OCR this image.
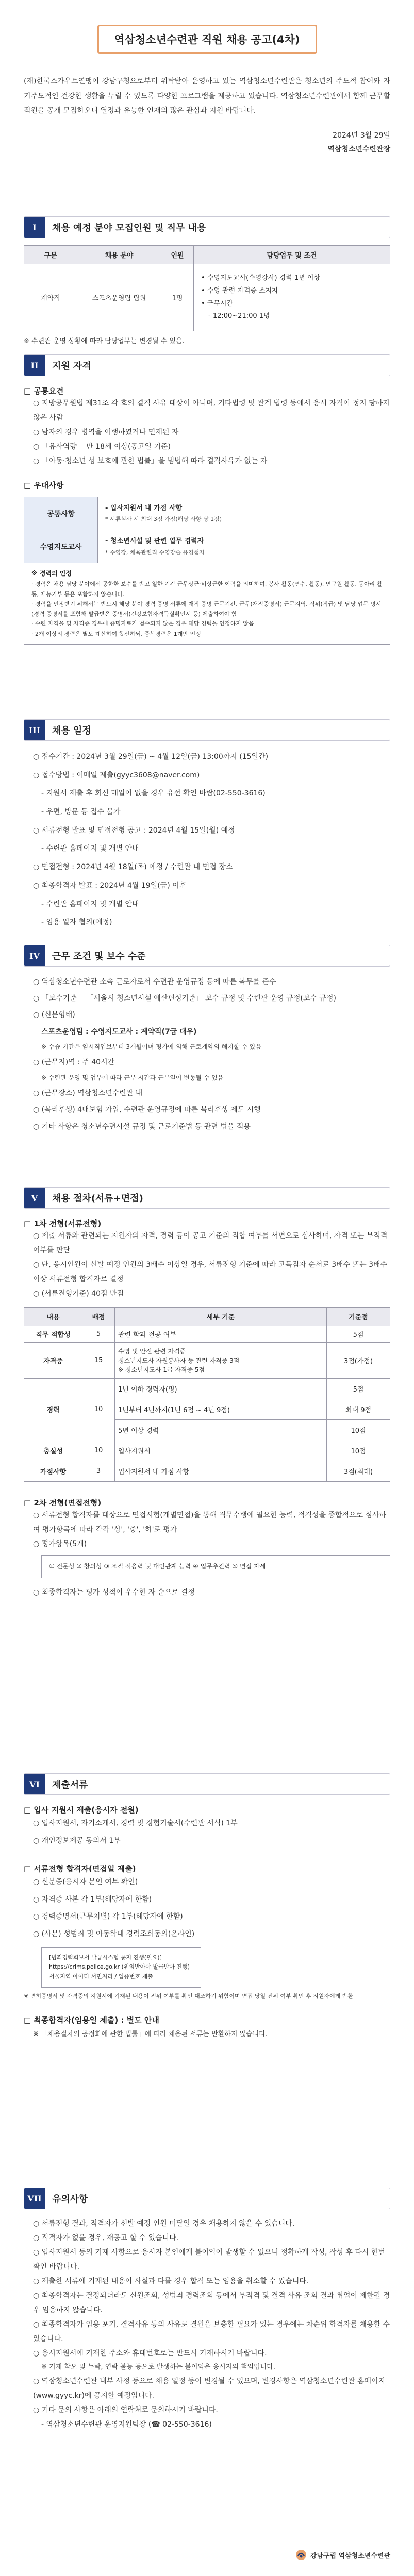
역삼청소년수련관 직원 채용 공고(4차)
(재)한국스카우트연맹이 강남구청으로부터 위탁받아 운영하고 있는 역삼청소년수련관은 청소년의 주도적 참여와 자기주도적인 건강한 생활을 누릴 수 있도록 다양한 프로그램을 제공하고 있습니다. 역삼청소년수련관에서 함께 근무할 직원을 공개 모집하오니 열정과 유능한 인재의 많은 관심과 지원 바랍니다.
2024년 3월 29일
역삼청소년수련관장
I	채용 예정 분야 모집인원 및 직무 내용
구분	채용 분야	인원	담당업무 및 조건
계약직	스포츠운영팀 팀원	1명	• 수영지도교사(수영강사) 경력 1년 이상
• 수영 관련 자격증 소지자
• 근무시간
- 12:00~21:00 1명
※ 수련관 운영 상황에 따라 담당업무는 변경될 수 있음.
II	지원 자격
□ 공통요건
○ 지방공무원법 제31조 각 호의 결격 사유 대상이 아니며, 기타법령 및 관계 법령 등에서 응시 자격이 정지 당하지 않은 사람
○ 남자의 경우 병역을 이행하였거나 면제된 자
○ 「유사역량」 만 18세 이상(공고일 기준)
○ 「아동·청소년 성 보호에 관한 법률」을 범법해 따라 결격사유가 없는 자
□ 우대사항
공통사항	- 입사지원서 내 가점 사항
* 서류심사 시 최대 3점 가점(해당 사항 당 1점)

수영지도교사	- 청소년시설 및 관련 업무 경력자
* 수영장, 체육관련직 수영강습 유경험자

※ 경력의 인정
· 경력은 채용 담당 분야에서 공한한 보수를 받고 일한 기간 근무상근·비상근한 이력을 의미하며, 봉사 활동(연수, 활동), 연구원 활동, 동아리 활동, 재능기부 등은 포함하지 않습니다.
· 경력을 인정받기 위해서는 반드시 해당 분야 경력 증명 서류에 재직 증명 근무기간, 근무(재직증명서) 근무지역, 직위(직급) 및 담당 업무 명시(경력 증명서를 포함해 발급받은 증명서(건강보험자격득실확인서 등) 제출하여야 함
· 수련 자격을 및 자격증 경우에 증명자료가 첨수되지 않은 경우 해당 경력을 인정하지 않음
· 2개 이상의 경력은 별도 계산하여 합산하되, 중복경력은 1개만 인정	
III	채용 일정
○ 접수기간 : 2024년 3월 29일(금) ~ 4월 12일(금) 13:00까지 (15일간)
○ 접수방법 : 이메일 제출(gyyc3608@naver.com)
- 지원서 제출 후 회신 메일이 없을 경우 유선 확인 바람(02-550-3616)
- 우편, 방문 등 접수 불가
○ 서류전형 발표 및 면접전형 공고 : 2024년 4월 15일(월) 예정
- 수련관 홈페이지 및 개별 안내
○ 면접전형 : 2024년 4월 18일(목) 예정 / 수련관 내 면접 장소
○ 최종합격자 발표 : 2024년 4월 19일(금) 이후
- 수련관 홈페이지 및 개별 안내
- 임용 일자 협의(예정)
IV	근무 조건 및 보수 수준
○ 역삼청소년수련관 소속 근로자로서 수련관 운영규정 등에 따른 복무를 준수
○ 「보수기준」 「서울시 청소년시설 예산편성기준」 보수 규정 및 수련관 운영 규정(보수 규정)
○ (신분형태)
스포츠운영팀 : 수영지도교사 : 계약직(7급 대우)
※ 수습 기간은 임시직입보부터 3개월이며 평가에 의해 근로계약의 해지할 수 있음
○ (근무지)역 : 주 40시간
※ 수련관 운영 및 업무에 따라 근무 시간과 근무일이 변동될 수 있음
○ (근무장소) 역삼청소년수련관 내
○ (복리후생) 4대보험 가입, 수련관 운영규정에 따른 복리후생 제도 시행
○ 기타 사항은 청소년수련시설 규정 및 근로기준법 등 관련 법을 적용
V	채용 절차(서류+면접)
□ 1차 전형(서류전형)
○ 제출 서류와 관련되는 지원자의 자격, 경력 등이 공고 기준의 적합 여부를 서면으로 심사하며, 자격 또는 부적격 여부를 판단
○ 단, 응시인원이 선발 예정 인원의 3배수 이상일 경우, 서류전형 기준에 따라 고득점자 순서로 3배수 또는 3배수 이상 서류전형 합격자로 결정
○ (서류전형기준) 40점 만점
내용	배점	세부 기준	기준점
직무 적합성	5	관련 학과 전공 여부	5점
자격증	15	수영 및 안전 관련 자격증
청소년지도사 자원봉사자 등 관련 자격증 3점
※ 청소년지도사 1급 자격증 5점	3점(가점)
경력	10	1년 이하 경력자(명)	5점
		1년부터 4년까지(1년 6점 ~ 4년 9점)	최대 9점
		5년 이상 경력	10점
충실성	10	입사지원서	10점
가점사항	3	입사지원서 내 가점 사항	3점(최대)
□ 2차 전형(면접전형)
○ 서류전형 합격자를 대상으로 면접시험(개별면접)을 통해 직무수행에 필요한 능력, 적격성을 종합적으로 심사하여 평가항목에 따라 각각 '상', '중', '하'로 평가
○ 평가항목(5개)
① 전문성 ② 창의성 ③ 조직 적응력 및 대인관계 능력 ④ 업무추진력 ⑤ 면접 자세
○ 최종합격자는 평가 성적이 우수한 자 순으로 결정
VI	제출서류
□ 입사 지원시 제출(응시자 전원)
○ 입사지원서, 자기소개서, 경력 및 경험기술서(수련관 서식) 1부
○ 개인정보제공 동의서 1부
□ 서류전형 합격자(면접일 제출)
○ 신분증(응시자 본인 여부 확인)
○ 자격증 사본 각 1부(해당자에 한함)
○ 경력증명서(근무처별) 각 1부(해당자에 한함)
○ (사본) 성범죄 및 아동학대 경력조회동의(온라인)
[범죄경력회보서 발급시스템 통지 진행(필요)]
https://crims.police.go.kr (위임받아야 발급받아 진행)
서울지역 아이디 서면처리 / 입증번호 제출
※ 면허증명서 및 자격증의 지원서에 기재된 내용이 진위 여부를 확인 대조하기 위함이며 면접 당일 진위 여부 확인 후 지원자에게 반환
□ 최종합격자(임용일 제출) : 별도 안내
※ 「채용절차의 공정화에 관한 법률」에 따라 채용된 서류는 반환하지 않습니다.
VII	유의사항
○ 서류전형 결과, 적격자가 선발 예정 인원 미달일 경우 채용하지 않을 수 있습니다.
○ 적격자가 없을 경우, 재공고 할 수 있습니다.
○ 입사지원서 등의 기재 사항으로 응시자 본인에게 불이익이 발생할 수 있으니 정확하게 작성, 작성 후 다시 한번 확인 바랍니다.
○ 제출한 서류에 기재된 내용이 사실과 다를 경우 합격 또는 임용을 취소할 수 있습니다.
○ 최종합격자는 결정되더라도 신원조회, 성범죄 경력조회 등에서 부적격 및 결격 사유 조회 결과 취업이 제한될 경우 임용하지 않습니다.
○ 최종합격자가 임용 포기, 결격사유 등의 사유로 결원을 보충할 필요가 있는 경우에는 차순위 합격자를 채용할 수 있습니다.
○ 응시지원서에 기재한 주소와 휴대번호로는 반드시 기재하시기 바랍니다.
※ 기재 착오 및 누락, 연락 불능 등으로 발생하는 불이익은 응시자의 책임입니다.
○ 역삼청소년수련관 내부 사정 등으로 채용 일정 등이 변경될 수 있으며, 변경사항은 역삼청소년수련관 홈페이지(www.gyyc.kr)에 공지할 예정입니다.
○ 기타 문의 사항은 아래의 연락처로 문의하시기 바랍니다.
- 역삼청소년수련관 운영지원팀장 (☎ 02-550-3616)
강남구립 역삼청소년수련관
